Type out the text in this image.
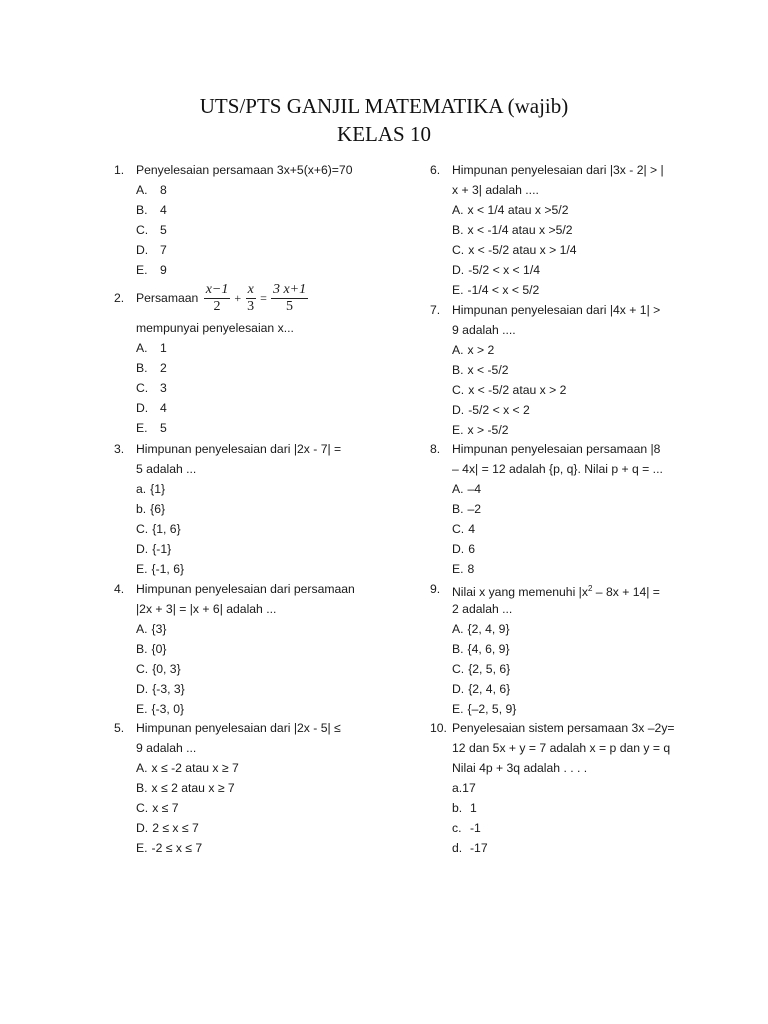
UTS/PTS GANJIL MATEMATIKA (wajib)
KELAS 10
1. Penyelesaian persamaan 3x+5(x+6)=70
A. 8
B. 4
C. 5
D. 7
E. 9
2. Persamaan $\frac{x-1}{2} + \frac{x}{3} = \frac{3 x+1}{5}$
mempunyai penyelesaian x...
A. 1
B. 2
C. 3
D. 4
E. 5
3. Himpunan penyelesaian dari |2x - 7| =
5 adalah ...
a. {1}
b. {6}
C. {1, 6}
D. {-1}
E. {-1, 6}
4. Himpunan penyelesaian dari persamaan
|2x + 3| = |x + 6| adalah ...
A. {3}
B. {0}
C. {0, 3}
D. {-3, 3}
E. {-3, 0}
5. Himpunan penyelesaian dari |2x - 5| ≤
9 adalah ...
A. x ≤ -2 atau x ≥ 7
B. x ≤ 2 atau x ≥ 7
C. x ≤ 7
D. 2 ≤ x ≤ 7
E. -2 ≤ x ≤ 7
6. Himpunan penyelesaian dari |3x - 2| > |
x + 3| adalah ....
A. x < 1/4 atau x >5/2
B. x < -1/4 atau x >5/2
C. x < -5/2 atau x > 1/4
D. -5/2 < x < 1/4
E. -1/4 < x < 5/2
7. Himpunan penyelesaian dari |4x + 1| >
9 adalah ....
A. x > 2
B. x < -5/2
C. x < -5/2 atau x > 2
D. -5/2 < x < 2
E. x > -5/2
8. Himpunan penyelesaian persamaan |8
– 4x| = 12 adalah {p, q}. Nilai p + q = ...
A. –4
B. –2
C. 4
D. 6
E. 8
9. Nilai x yang memenuhi $|x^2 - 8x + 14|$ =
2 adalah ...
A. {2, 4, 9}
B. {4, 6, 9}
C. {2, 5, 6}
D. {2, 4, 6}
E. {–2, 5, 9}
10. Penyelesaian sistem persamaan 3x –2y=
12 dan 5x + y = 7 adalah x = p dan y = q
Nilai 4p + 3q adalah . . . .
a.17
b. 1
c. -1
d. -17
